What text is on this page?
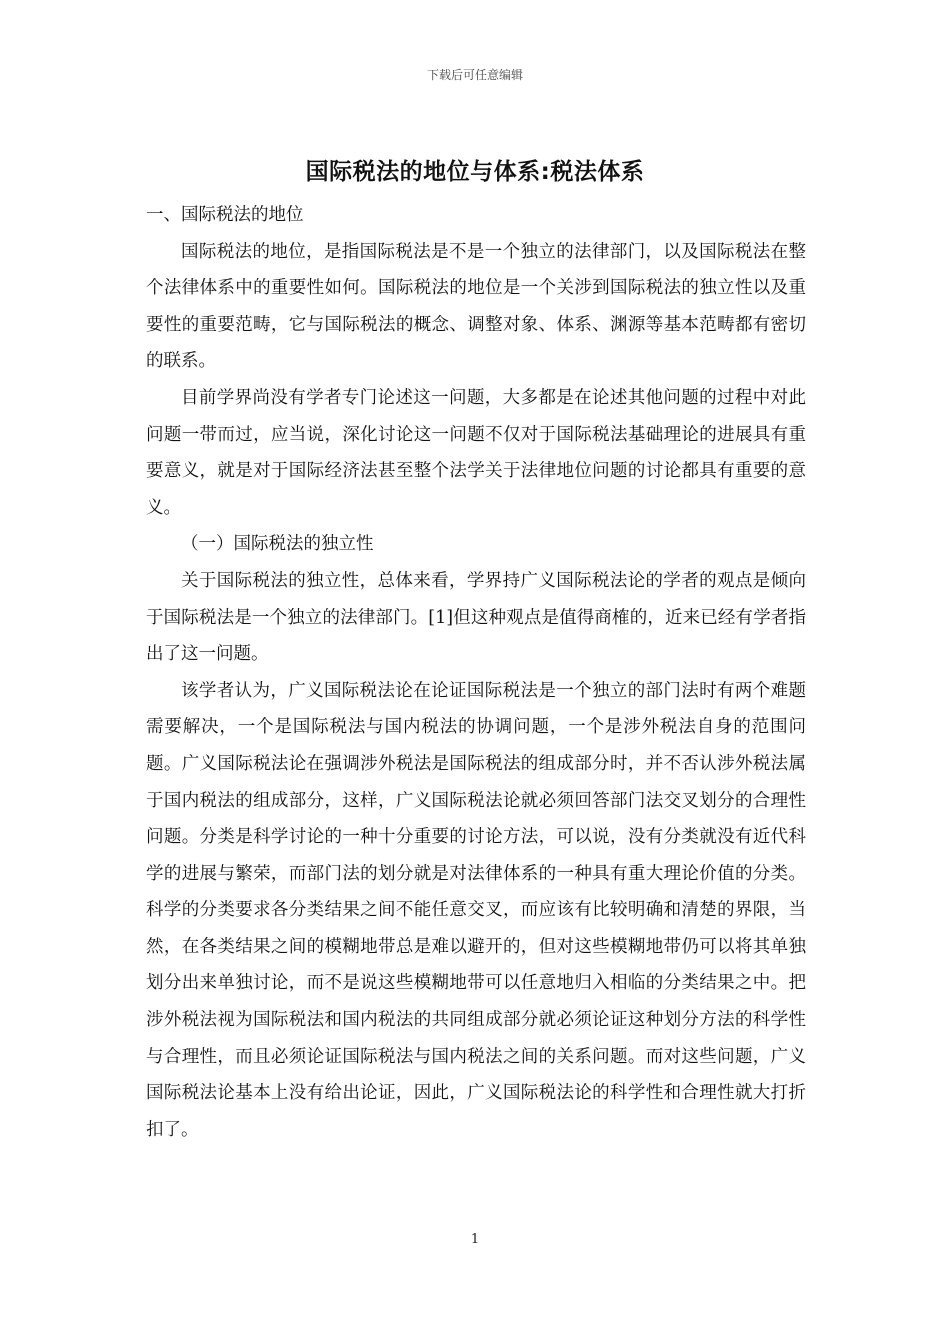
下载后可任意编辑
国际税法的地位与体系:税法体系

一、国际税法的地位

国际税法的地位，是指国际税法是不是一个独立的法律部门，以及国际税法在整个法律体系中的重要性如何。国际税法的地位是一个关涉到国际税法的独立性以及重要性的重要范畴，它与国际税法的概念、调整对象、体系、渊源等基本范畴都有密切的联系。

目前学界尚没有学者专门论述这一问题，大多都是在论述其他问题的过程中对此问题一带而过，应当说，深化讨论这一问题不仅对于国际税法基础理论的进展具有重要意义，就是对于国际经济法甚至整个法学关于法律地位问题的讨论都具有重要的意义。

（一）国际税法的独立性

关于国际税法的独立性，总体来看，学界持广义国际税法论的学者的观点是倾向于国际税法是一个独立的法律部门。[1]但这种观点是值得商榷的，近来已经有学者指出了这一问题。

该学者认为，广义国际税法论在论证国际税法是一个独立的部门法时有两个难题需要解决，一个是国际税法与国内税法的协调问题，一个是涉外税法自身的范围问题。广义国际税法论在强调涉外税法是国际税法的组成部分时，并不否认涉外税法属于国内税法的组成部分，这样，广义国际税法论就必须回答部门法交叉划分的合理性问题。分类是科学讨论的一种十分重要的讨论方法，可以说，没有分类就没有近代科学的进展与繁荣，而部门法的划分就是对法律体系的一种具有重大理论价值的分类。科学的分类要求各分类结果之间不能任意交叉，而应该有比较明确和清楚的界限，当然，在各类结果之间的模糊地带总是难以避开的，但对这些模糊地带仍可以将其单独划分出来单独讨论，而不是说这些模糊地带可以任意地归入相临的分类结果之中。把涉外税法视为国际税法和国内税法的共同组成部分就必须论证这种划分方法的科学性与合理性，而且必须论证国际税法与国内税法之间的关系问题。而对这些问题，广义国际税法论基本上没有给出论证，因此，广义国际税法论的科学性和合理性就大打折扣了。

1
